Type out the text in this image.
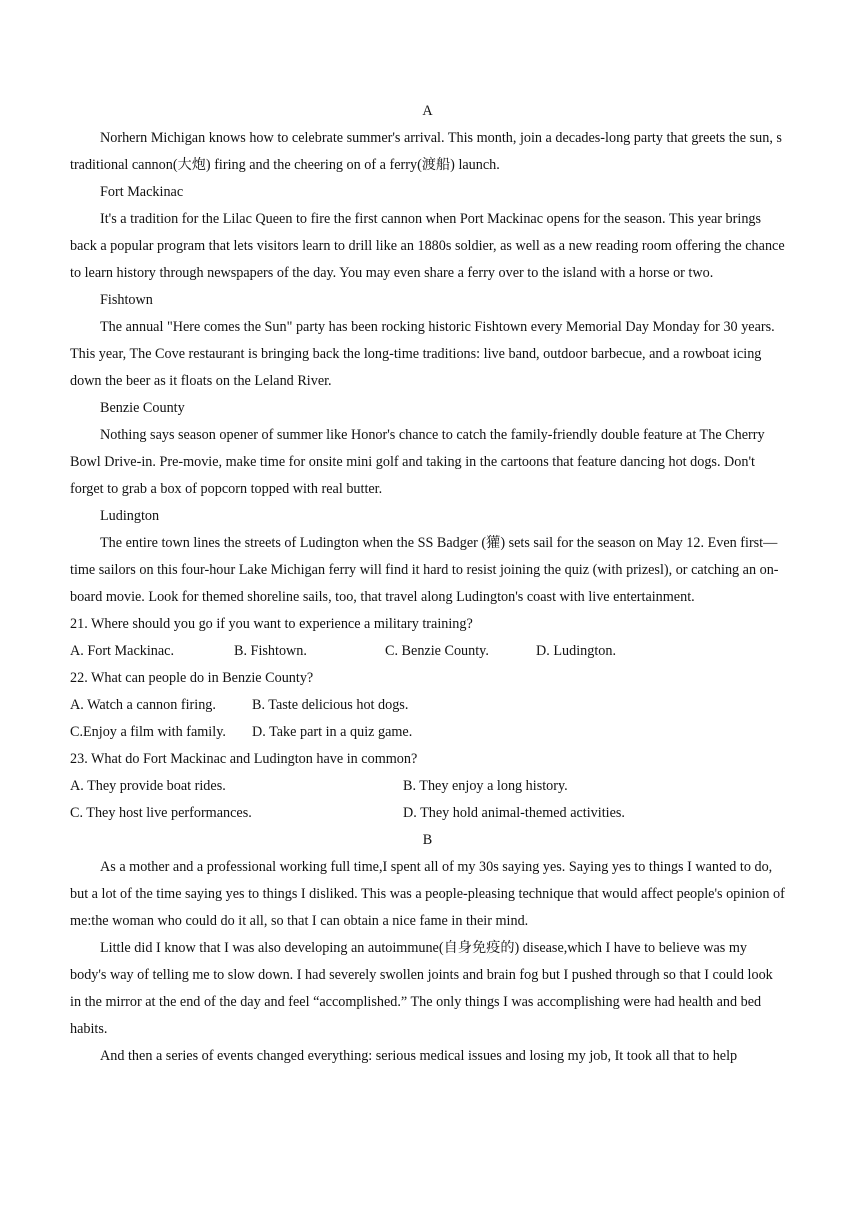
A

Norhern Michigan knows how to celebrate summer's arrival. This month, join a decades-long party that greets the sun, s traditional cannon(大炮) firing and the cheering on of a ferry(渡船) launch.

Fort Mackinac

It's a tradition for the Lilac Queen to fire the first cannon when Port Mackinac opens for the season. This year brings back a popular program that lets visitors learn to drill like an 1880s soldier, as well as a new reading room offering the chance to learn history through newspapers of the day. You may even share a ferry over to the island with a horse or two.

Fishtown

The annual "Here comes the Sun" party has been rocking historic Fishtown every Memorial Day Monday for 30 years. This year, The Cove restaurant is bringing back the long-time traditions: live band, outdoor barbecue, and a rowboat icing down the beer as it floats on the Leland River.

Benzie County

Nothing says season opener of summer like Honor's chance to catch the family-friendly double feature at The Cherry Bowl Drive-in. Pre-movie, make time for onsite mini golf and taking in the cartoons that feature dancing hot dogs. Don't forget to grab a box of popcorn topped with real butter.

Ludington

The entire town lines the streets of Ludington when the SS Badger (獾) sets sail for the season on May 12. Even first—time sailors on this four-hour Lake Michigan ferry will find it hard to resist joining the quiz (with prizesl), or catching an on-board movie. Look for themed shoreline sails, too, that travel along Ludington's coast with live entertainment.

21. Where should you go if you want to experience a military training?

A. Fort Mackinac.	B. Fishtown.	C. Benzie County.	D. Ludington.

22. What can people do in Benzie County?

A. Watch a cannon firing.	B. Taste delicious hot dogs.

C.Enjoy a film with family.	D. Take part in a quiz game.

23. What do Fort Mackinac and Ludington have in common?

A. They provide boat rides.	B. They enjoy a long history.

C. They host live performances.	D. They hold animal-themed activities.

B

As a mother and a professional working full time,I spent all of my 30s saying yes. Saying yes to things I wanted to do, but a lot of the time saying yes to things I disliked. This was a people-pleasing technique that would affect people's opinion of me:the woman who could do it all, so that I can obtain a nice fame in their mind.

Little did I know that I was also developing an autoimmune(自身免疫的) disease,which I have to believe was my body's way of telling me to slow down. I had severely swollen joints and brain fog but I pushed through so that I could look in the mirror at the end of the day and feel “accomplished.” The only things I was accomplishing were had health and bed habits.

And then a series of events changed everything: serious medical issues and losing my job, It took all that to help
